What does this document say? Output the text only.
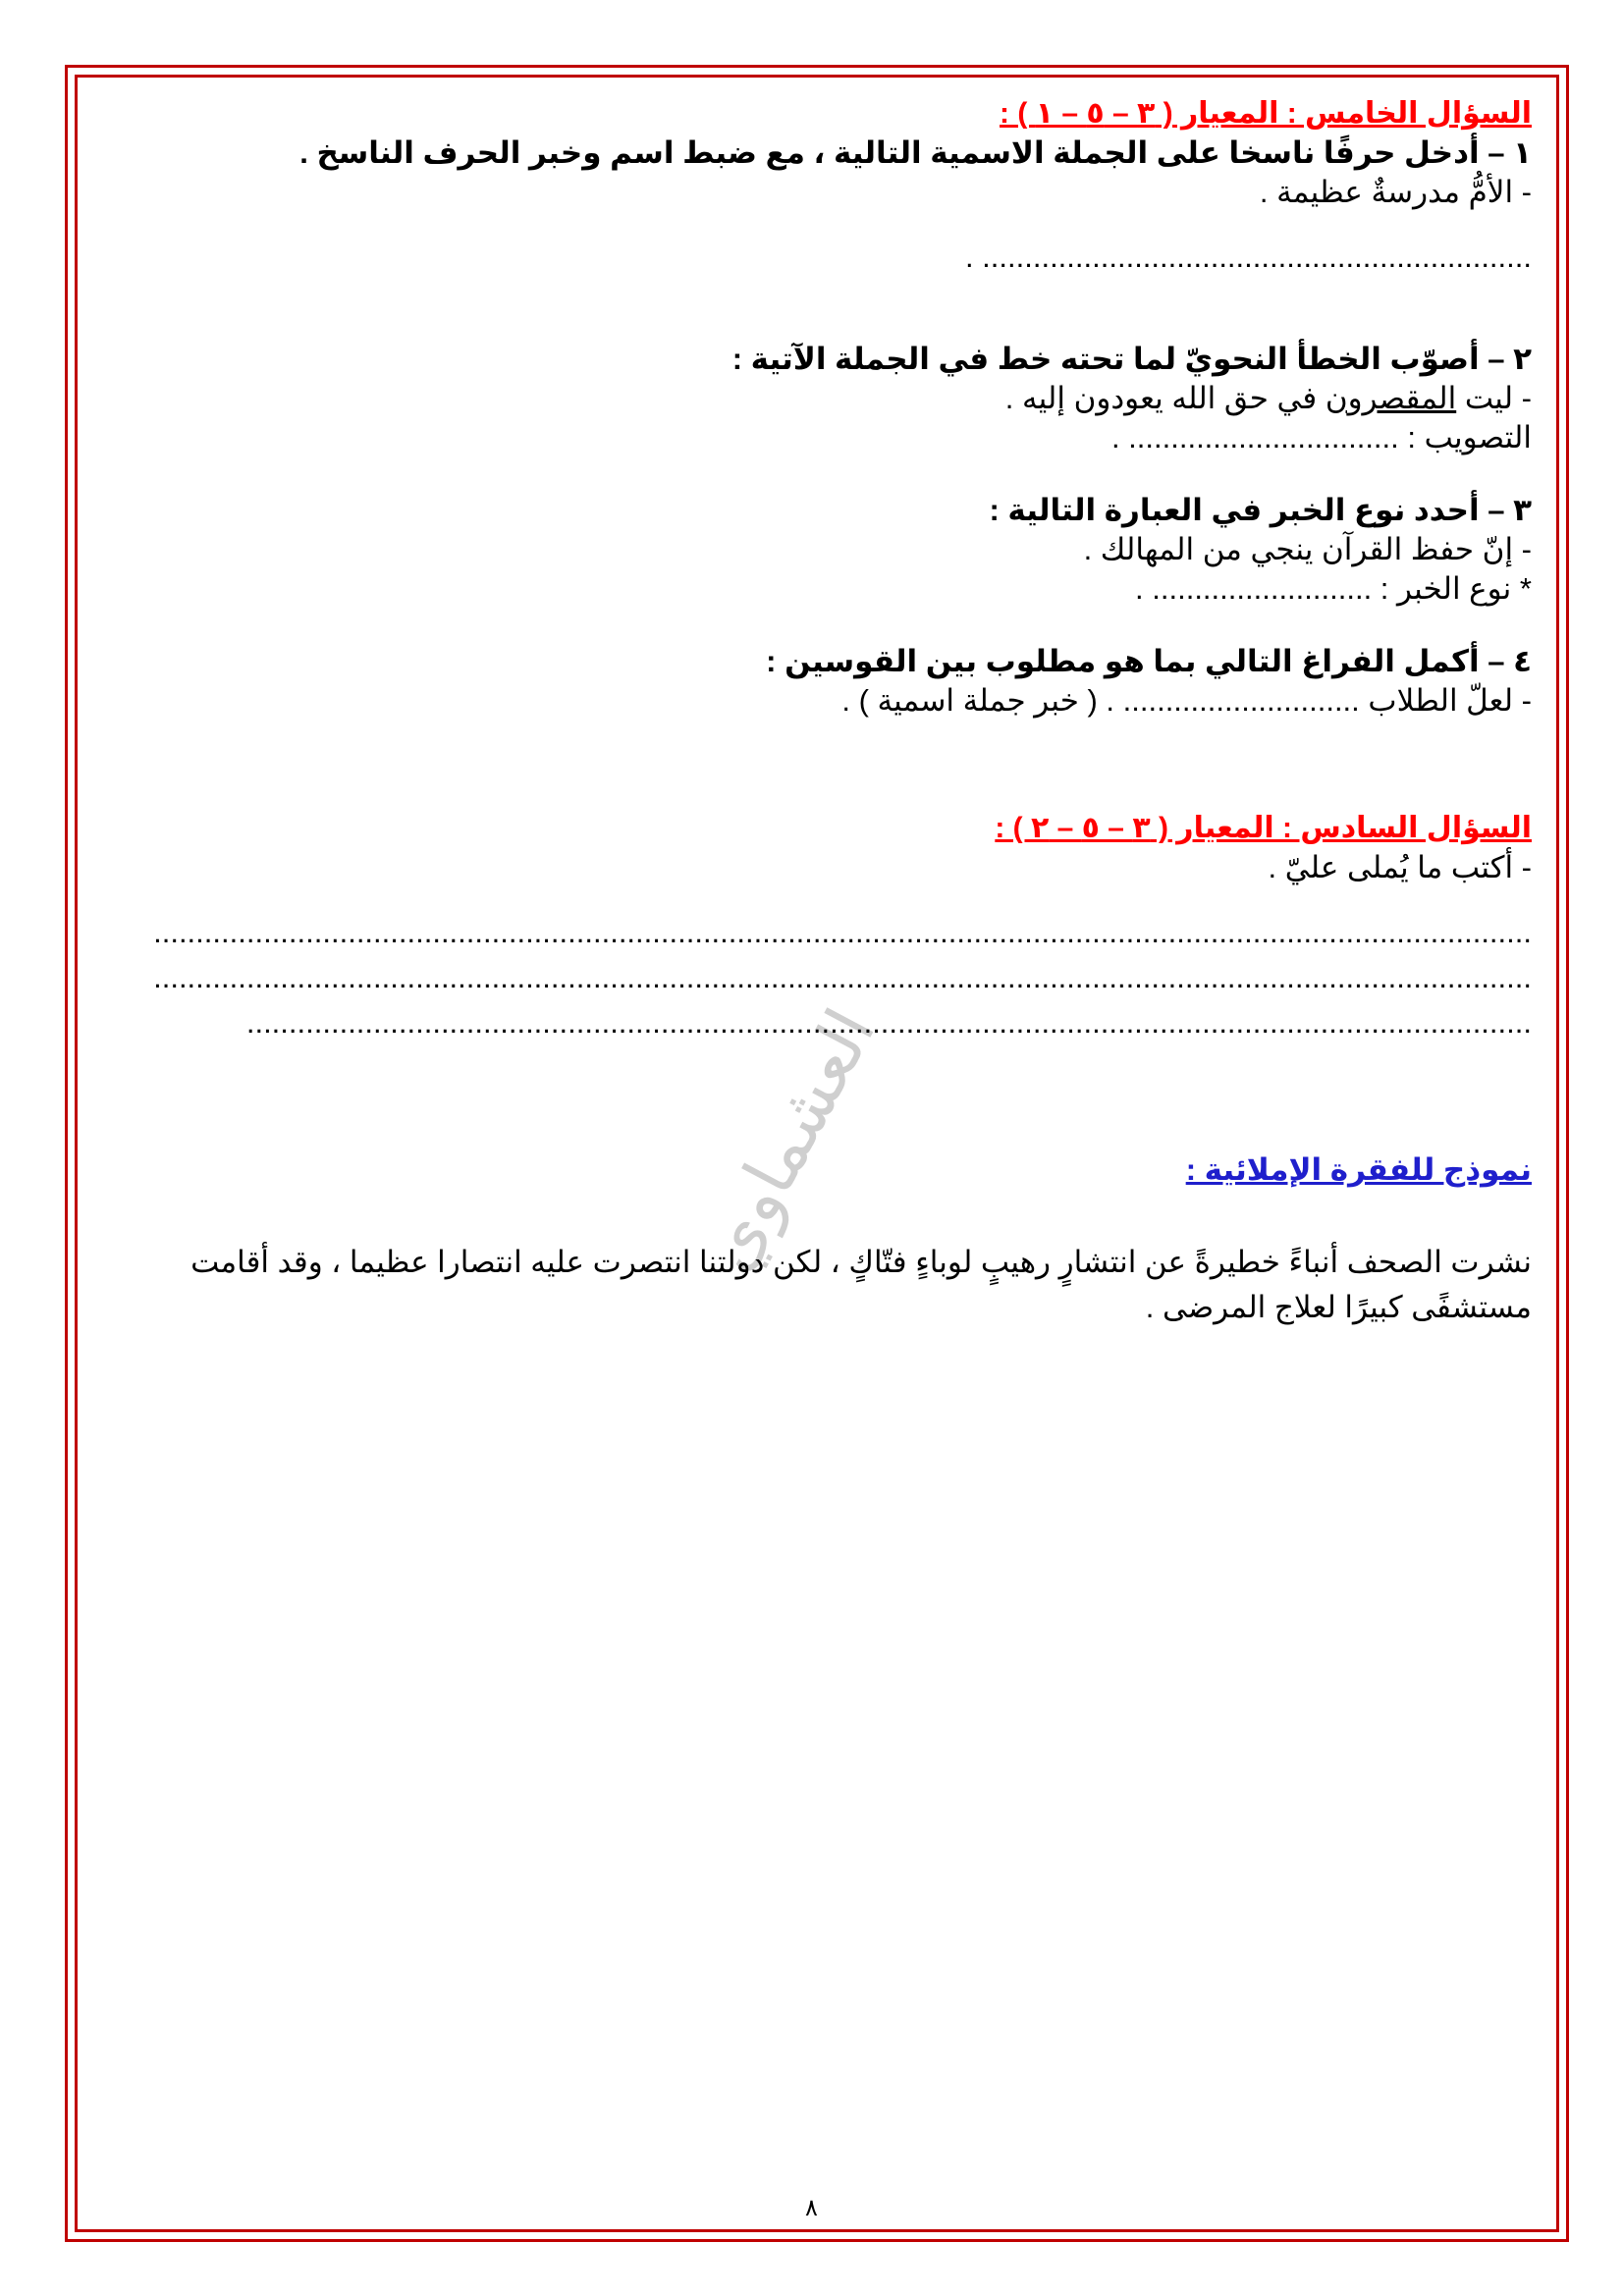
العشماوي

السؤال الخامس : المعيار ( ٣ – ٥ – ١ ) :

١ – أدخل حرفًا ناسخا على الجملة الاسمية التالية ، مع ضبط اسم وخبر الحرف الناسخ .

- الأمُّ مدرسةٌ عظيمة .

................................................................. .

٢ – أصوّب الخطأ النحويّ لما تحته خط في الجملة الآتية :

- ليت المقصرون في حق الله يعودون إليه .

التصويب : ................................ .

٣ – أحدد نوع الخبر في العبارة التالية :

- إنّ حفظ القرآن ينجي من المهالك .

* نوع الخبر : .......................... .

٤ – أكمل الفراغ التالي بما هو مطلوب بين القوسين :

- لعلّ الطلاب ............................ . ( خبر جملة اسمية ) .

السؤال السادس : المعيار ( ٣ – ٥ – ٢ ) :

- أكتب ما يُملى عليّ .

...................................................................................................................................................................

...................................................................................................................................................................

........................................................................................................................................................

نموذج للفقرة الإملائية :

نشرت الصحف أنباءً خطيرةً عن انتشارٍ رهيبٍ لوباءٍ فتّاكٍ ، لكن دولتنا انتصرت عليه انتصارا عظيما ، وقد أقامت مستشفًى كبيرًا لعلاج المرضى .

٨
